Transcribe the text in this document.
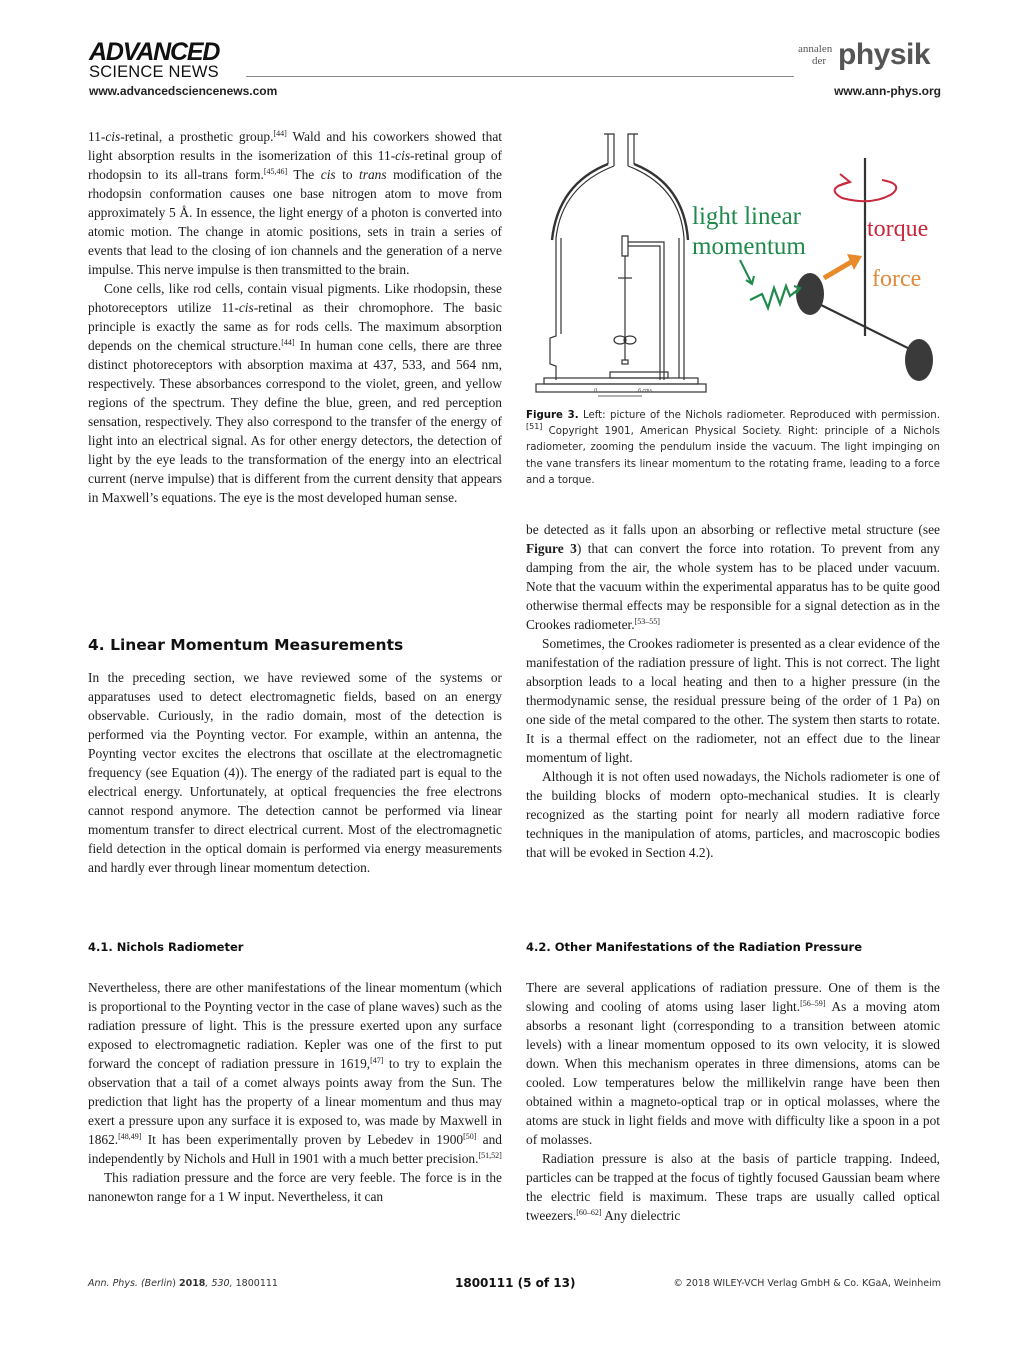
ADVANCED
SCIENCE NEWS
www.advancedsciencenews.com
annalen
der physik
www.ann-phys.org

11-cis-retinal, a prosthetic group.[44] Wald and his coworkers showed that light absorption results in the isomerization of this 11-cis-retinal group of rhodopsin to its all-trans form.[45,46] The cis to trans modification of the rhodopsin conformation causes one base nitrogen atom to move from approximately 5 Å. In essence, the light energy of a photon is converted into atomic motion. The change in atomic positions, sets in train a series of events that lead to the closing of ion channels and the generation of a nerve impulse. This nerve impulse is then transmitted to the brain.

Cone cells, like rod cells, contain visual pigments. Like rhodopsin, these photoreceptors utilize 11-cis-retinal as their chromophore. The basic principle is exactly the same as for rods cells. The maximum absorption depends on the chemical structure.[44] In human cone cells, there are three distinct photoreceptors with absorption maxima at 437, 533, and 564 nm, respectively. These absorbances correspond to the violet, green, and yellow regions of the spectrum. They define the blue, green, and red perception sensation, respectively. They also correspond to the transfer of the energy of light into an electrical signal. As for other energy detectors, the detection of light by the eye leads to the transformation of the energy into an electrical current (nerve impulse) that is different from the current density that appears in Maxwell’s equations. The eye is the most developed human sense.

4. Linear Momentum Measurements

In the preceding section, we have reviewed some of the systems or apparatuses used to detect electromagnetic fields, based on an energy observable. Curiously, in the radio domain, most of the detection is performed via the Poynting vector. For example, within an antenna, the Poynting vector excites the electrons that oscillate at the electromagnetic frequency (see Equation (4)). The energy of the radiated part is equal to the electrical energy. Unfortunately, at optical frequencies the free electrons cannot respond anymore. The detection cannot be performed via linear momentum transfer to direct electrical current. Most of the electromagnetic field detection in the optical domain is performed via energy measurements and hardly ever through linear momentum detection.

4.1. Nichols Radiometer

Nevertheless, there are other manifestations of the linear momentum (which is proportional to the Poynting vector in the case of plane waves) such as the radiation pressure of light. This is the pressure exerted upon any surface exposed to electromagnetic radiation. Kepler was one of the first to put forward the concept of radiation pressure in 1619,[47] to try to explain the observation that a tail of a comet always points away from the Sun. The prediction that light has the property of a linear momentum and thus may exert a pressure upon any surface it is exposed to, was made by Maxwell in 1862.[48,49] It has been experimentally proven by Lebedev in 1900[50] and independently by Nichols and Hull in 1901 with a much better precision.[51,52]

This radiation pressure and the force are very feeble. The force is in the nanonewton range for a 1 W input. Nevertheless, it can

light linear
momentum
torque
force
0	6 cms.
Figure 3. Left: picture of the Nichols radiometer. Reproduced with permission.[51] Copyright 1901, American Physical Society. Right: principle of a Nichols radiometer, zooming the pendulum inside the vacuum. The light impinging on the vane transfers its linear momentum to the rotating frame, leading to a force and a torque.

be detected as it falls upon an absorbing or reflective metal structure (see Figure 3) that can convert the force into rotation. To prevent from any damping from the air, the whole system has to be placed under vacuum. Note that the vacuum within the experimental apparatus has to be quite good otherwise thermal effects may be responsible for a signal detection as in the Crookes radiometer.[53–55]

Sometimes, the Crookes radiometer is presented as a clear evidence of the manifestation of the radiation pressure of light. This is not correct. The light absorption leads to a local heating and then to a higher pressure (in the thermodynamic sense, the residual pressure being of the order of 1 Pa) on one side of the metal compared to the other. The system then starts to rotate. It is a thermal effect on the radiometer, not an effect due to the linear momentum of light.

Although it is not often used nowadays, the Nichols radiometer is one of the building blocks of modern opto-mechanical studies. It is clearly recognized as the starting point for nearly all modern radiative force techniques in the manipulation of atoms, particles, and macroscopic bodies that will be evoked in Section 4.2).

4.2. Other Manifestations of the Radiation Pressure

There are several applications of radiation pressure. One of them is the slowing and cooling of atoms using laser light.[56–59] As a moving atom absorbs a resonant light (corresponding to a transition between atomic levels) with a linear momentum opposed to its own velocity, it is slowed down. When this mechanism operates in three dimensions, atoms can be cooled. Low temperatures below the millikelvin range have been then obtained within a magneto-optical trap or in optical molasses, where the atoms are stuck in light fields and move with difficulty like a spoon in a pot of molasses.

Radiation pressure is also at the basis of particle trapping. Indeed, particles can be trapped at the focus of tightly focused Gaussian beam where the electric field is maximum. These traps are usually called optical tweezers.[60–62] Any dielectric

Ann. Phys. (Berlin) 2018, 530, 1800111	1800111 (5 of 13)	© 2018 WILEY-VCH Verlag GmbH & Co. KGaA, Weinheim
